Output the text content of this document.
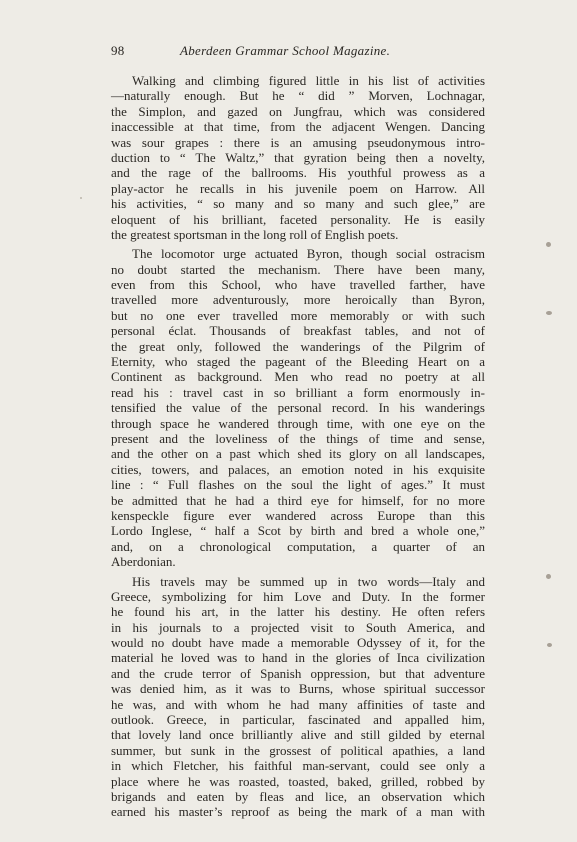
98	Aberdeen Grammar School Magazine.
Walking and climbing figured little in his list of activities
—naturally enough. But he “ did ” Morven, Lochnagar,
the Simplon, and gazed on Jungfrau, which was considered
inaccessible at that time, from the adjacent Wengen. Dancing
was sour grapes : there is an amusing pseudonymous intro-
duction to “ The Waltz,” that gyration being then a novelty,
and the rage of the ballrooms. His youthful prowess as a
play-actor he recalls in his juvenile poem on Harrow. All
his activities, “ so many and so many and such glee,” are
eloquent of his brilliant, faceted personality. He is easily
the greatest sportsman in the long roll of English poets.
The locomotor urge actuated Byron, though social ostracism
no doubt started the mechanism. There have been many,
even from this School, who have travelled farther, have
travelled more adventurously, more heroically than Byron,
but no one ever travelled more memorably or with such
personal éclat. Thousands of breakfast tables, and not of
the great only, followed the wanderings of the Pilgrim of
Eternity, who staged the pageant of the Bleeding Heart on a
Continent as background. Men who read no poetry at all
read his : travel cast in so brilliant a form enormously in-
tensified the value of the personal record. In his wanderings
through space he wandered through time, with one eye on the
present and the loveliness of the things of time and sense,
and the other on a past which shed its glory on all landscapes,
cities, towers, and palaces, an emotion noted in his exquisite
line : “ Full flashes on the soul the light of ages.” It must
be admitted that he had a third eye for himself, for no more
kenspeckle figure ever wandered across Europe than this
Lordo Inglese, “ half a Scot by birth and bred a whole one,”
and, on a chronological computation, a quarter of an
Aberdonian.
His travels may be summed up in two words—Italy and
Greece, symbolizing for him Love and Duty. In the former
he found his art, in the latter his destiny. He often refers
in his journals to a projected visit to South America, and
would no doubt have made a memorable Odyssey of it, for the
material he loved was to hand in the glories of Inca civilization
and the crude terror of Spanish oppression, but that adventure
was denied him, as it was to Burns, whose spiritual successor
he was, and with whom he had many affinities of taste and
outlook. Greece, in particular, fascinated and appalled him,
that lovely land once brilliantly alive and still gilded by eternal
summer, but sunk in the grossest of political apathies, a land
in which Fletcher, his faithful man-servant, could see only a
place where he was roasted, toasted, baked, grilled, robbed by
brigands and eaten by fleas and lice, an observation which
earned his master’s reproof as being the mark of a man with
